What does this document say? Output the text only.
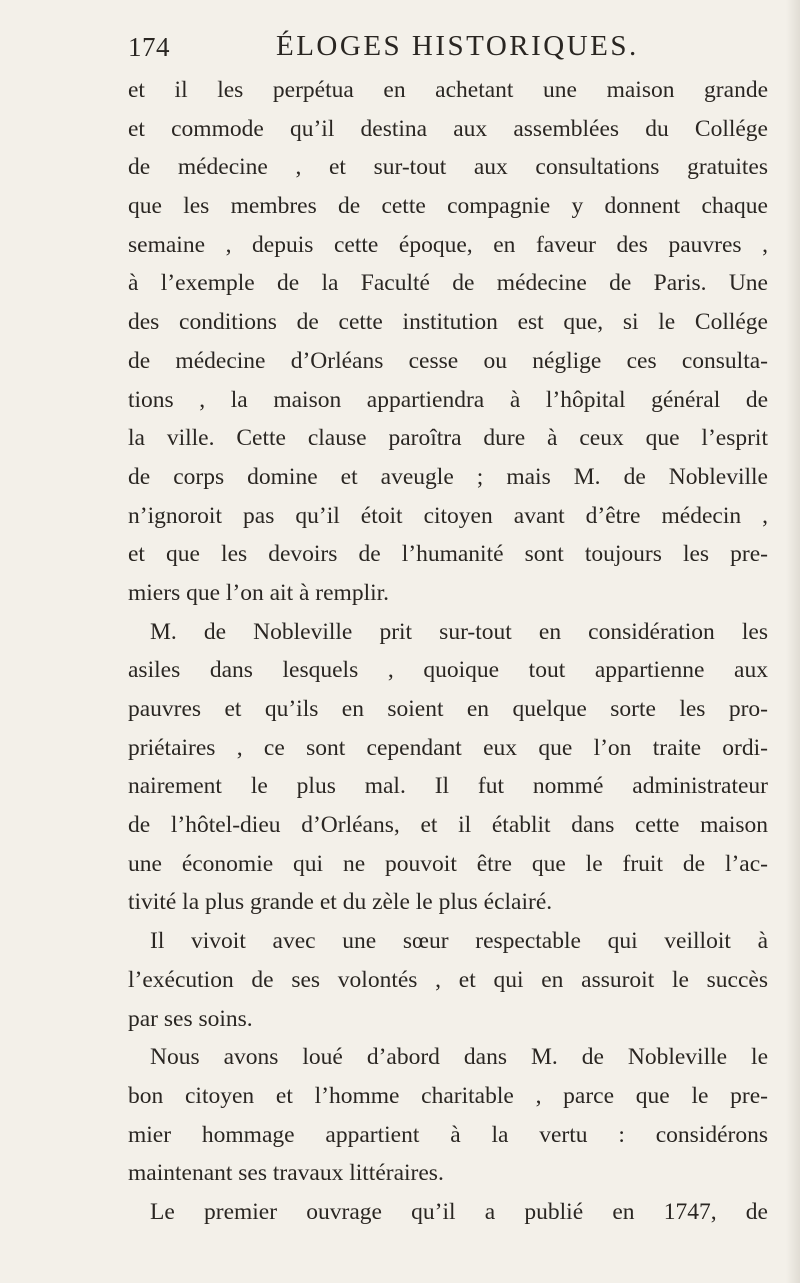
174	ÉLOGES HISTORIQUES.
et il les perpétua en achetant une maison grande
et commode qu’il destina aux assemblées du Collége
de médecine , et sur-tout aux consultations gratuites
que les membres de cette compagnie y donnent chaque
semaine , depuis cette époque, en faveur des pauvres ,
à l’exemple de la Faculté de médecine de Paris. Une
des conditions de cette institution est que, si le Collége
de médecine d’Orléans cesse ou néglige ces consulta-
tions , la maison appartiendra à l’hôpital général de
la ville. Cette clause paroîtra dure à ceux que l’esprit
de corps domine et aveugle ; mais M. de Nobleville
n’ignoroit pas qu’il étoit citoyen avant d’être médecin ,
et que les devoirs de l’humanité sont toujours les pre-
miers que l’on ait à remplir.
M. de Nobleville prit sur-tout en considération les
asiles dans lesquels , quoique tout appartienne aux
pauvres et qu’ils en soient en quelque sorte les pro-
priétaires , ce sont cependant eux que l’on traite ordi-
nairement le plus mal. Il fut nommé administrateur
de l’hôtel-dieu d’Orléans, et il établit dans cette maison
une économie qui ne pouvoit être que le fruit de l’ac-
tivité la plus grande et du zèle le plus éclairé.
Il vivoit avec une sœur respectable qui veilloit à
l’exécution de ses volontés , et qui en assuroit le succès
par ses soins.
Nous avons loué d’abord dans M. de Nobleville le
bon citoyen et l’homme charitable , parce que le pre-
mier hommage appartient à la vertu : considérons
maintenant ses travaux littéraires.
Le premier ouvrage qu’il a publié en 1747, de
